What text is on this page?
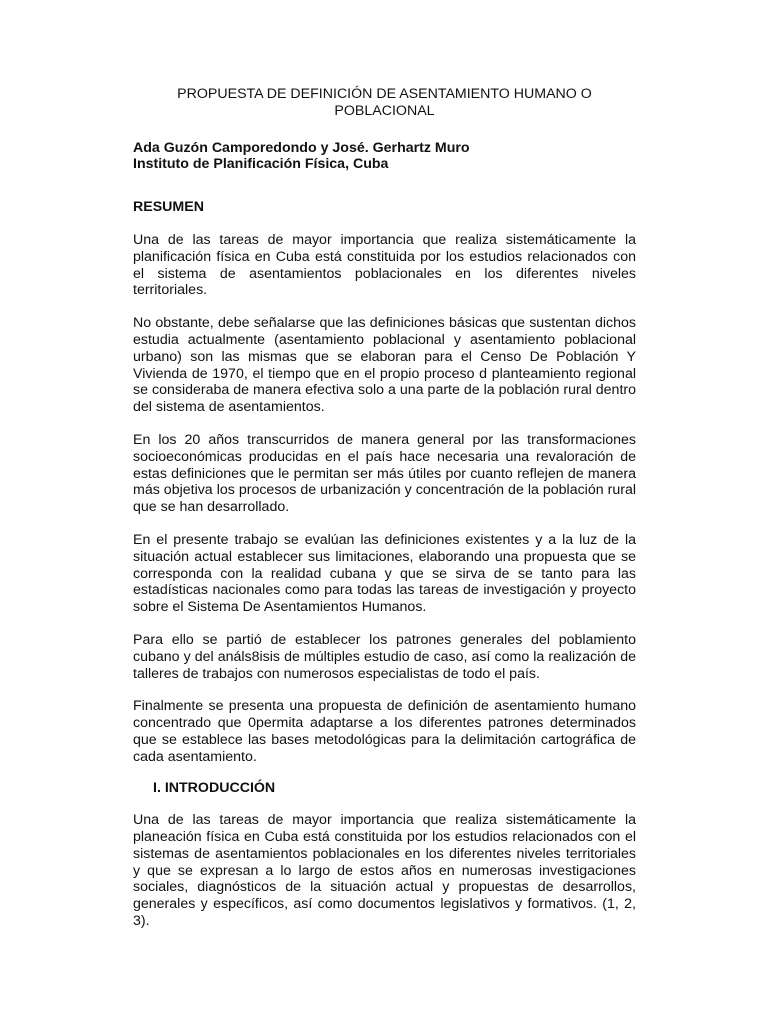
PROPUESTA DE DEFINICIÓN DE ASENTAMIENTO HUMANO O POBLACIONAL

Ada Guzón Camporedondo y José. Gerhartz Muro
Instituto de Planificación Física, Cuba
RESUMEN

Una de las tareas de mayor importancia que realiza sistemáticamente la planificación física en Cuba está constituida por los estudios relacionados con el sistema de asentamientos poblacionales en los diferentes niveles territoriales.

No obstante, debe señalarse que las definiciones básicas que sustentan dichos estudia actualmente (asentamiento poblacional y asentamiento poblacional urbano) son las mismas que se elaboran para el Censo De Población Y Vivienda de 1970, el tiempo que en el propio proceso d planteamiento regional se consideraba de manera efectiva solo a una parte de la población rural dentro del sistema de asentamientos.

En los 20 años transcurridos de manera general por las transformaciones socioeconómicas producidas en el país hace necesaria una revaloración de estas definiciones que le permitan ser más útiles por cuanto reflejen de manera más objetiva los procesos de urbanización y concentración de la población rural que se han desarrollado.

En el presente trabajo se evalúan las definiciones existentes y a la luz de la situación actual establecer sus limitaciones, elaborando una propuesta que se corresponda con la realidad cubana y que se sirva de se tanto para las estadísticas nacionales como para todas las tareas de investigación y proyecto sobre el Sistema De Asentamientos Humanos.

Para ello se partió de establecer los patrones generales del poblamiento cubano y del análs8isis de múltiples estudio de caso, así como la realización de talleres de trabajos con numerosos especialistas de todo el país.

Finalmente se presenta una propuesta de definición de asentamiento humano concentrado que 0permita adaptarse a los diferentes patrones determinados que se establece las bases metodológicas para la delimitación cartográfica de cada asentamiento.

I. INTRODUCCIÓN

Una de las tareas de mayor importancia que realiza sistemáticamente la planeación física en Cuba está constituida por los estudios relacionados con el sistemas de asentamientos poblacionales en los diferentes niveles territoriales y que se expresan a lo largo de estos años en numerosas investigaciones sociales, diagnósticos de la situación actual y propuestas de desarrollos, generales y específicos, así como documentos legislativos y formativos. (1, 2, 3).
